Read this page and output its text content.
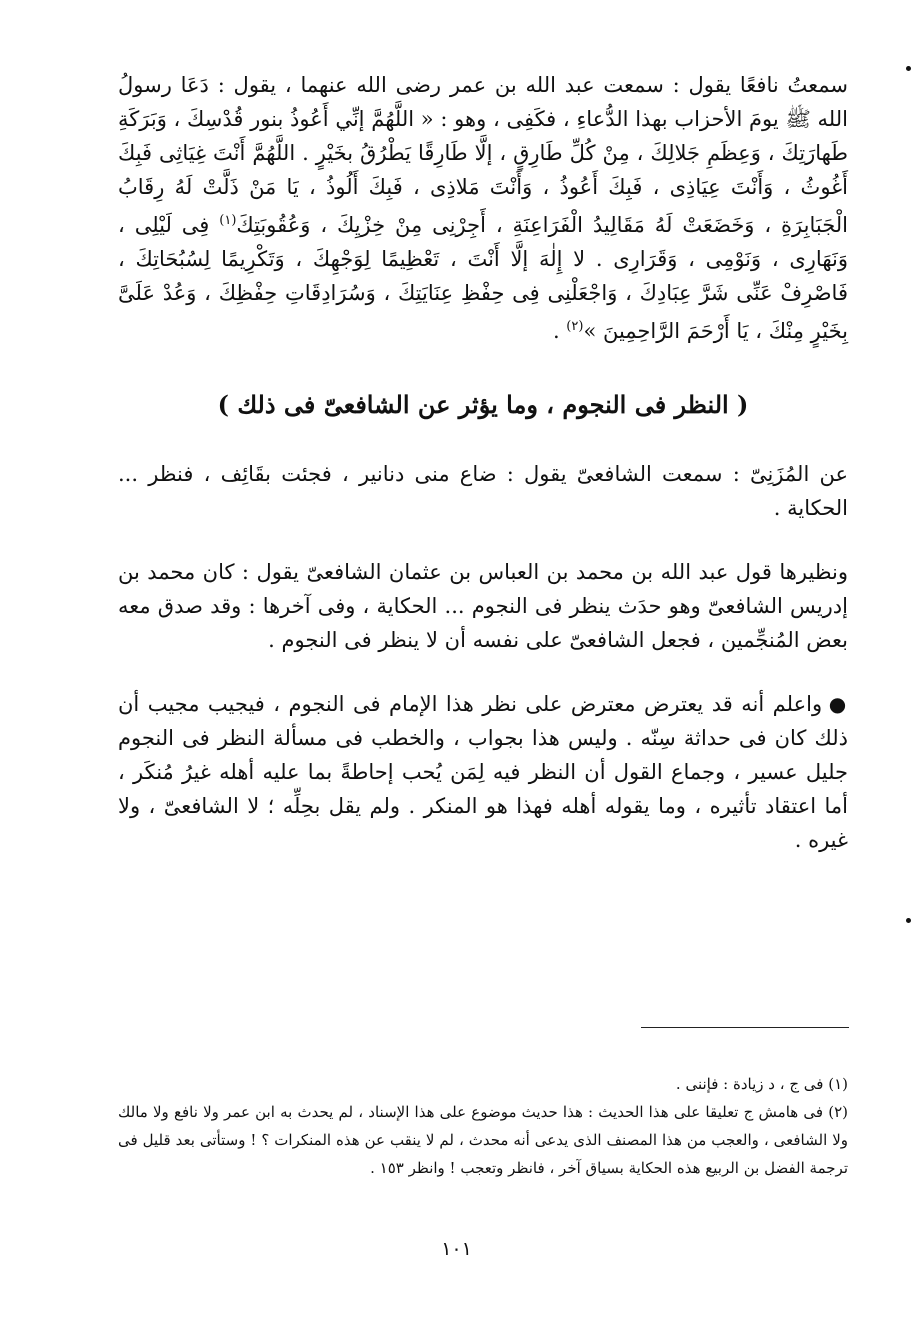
سمعتُ نافعًا يقول : سمعت عبد الله بن عمر رضى الله عنهما ، يقول : دَعَا رسولُ الله ﷺ يومَ الأحزاب بهذا الدُّعاءِ ، فكَفِى ، وهو : « اللَّهُمَّ إنِّي أَعُوذُ بنور قُدْسِكَ ، وَبَرَكَةِ طَهارَتِكَ ، وَعِظَمِ جَلالِكَ ، مِنْ كُلِّ طَارِقٍ ، إلَّا طَارِقًا يَطْرُقُ بخَيْرٍ . اللَّهُمَّ أَنْتَ غِيَاثِى فَبِكَ أَغُوثُ ، وَأَنْتَ عِيَاذِى ، فَبِكَ أَعُوذُ ، وَأَنْتَ مَلاذِى ، فَبِكَ أَلُوذُ ، يَا مَنْ ذَلَّتْ لَهُ رِقَابُ الْجَبَابِرَةِ ، وَخَضَعَتْ لَهُ مَقَالِيدُ الْفَرَاعِنَةِ ، أَجِرْنِى مِنْ خِزْيِكَ ، وَعُقُوبَتِكَ$^{(١)}$ فِى لَيْلِى ، وَنَهَارِى ، وَنَوْمِى ، وَقَرَارِى . لا إِلٰهَ إلَّا أَنْتَ ، تَعْظِيمًا لِوَجْهِكَ ، وَتَكْرِيمًا لِسُبُحَاتِكَ ، فَاصْرِفْ عَنِّى شَرَّ عِبَادِكَ ، وَاجْعَلْنِى فِى حِفْظِ عِنَايَتِكَ ، وَسُرَادِقَاتِ حِفْظِكَ ، وَعُدْ عَلَىَّ بِخَيْرٍ مِنْكَ ، يَا أَرْحَمَ الرَّاحِمِينَ »$^{(٢)}$ .

( النظر فى النجوم ، وما يؤثر عن الشافعىّ فى ذلك )

عن المُزَنِىّ : سمعت الشافعىّ يقول : ضاع منى دنانير ، فجئت بقَائِف ، فنظر ... الحكاية .

ونظيرها قول عبد الله بن محمد بن العباس بن عثمان الشافعىّ يقول : كان محمد بن إدريس الشافعىّ وهو حدَث ينظر فى النجوم ... الحكاية ، وفى آخرها : وقد صدق معه بعض المُنجِّمين ، فجعل الشافعىّ على نفسه أن لا ينظر فى النجوم .

● واعلم أنه قد يعترض معترض على نظر هذا الإمام فى النجوم ، فيجيب مجيب أن ذلك كان فى حداثة سِنّه . وليس هذا بجواب ، والخطب فى مسألة النظر فى النجوم جليل عسير ، وجماع القول أن النظر فيه لِمَن يُحب إحاطةً بما عليه أهله غيرُ مُنكَر ، أما اعتقاد تأثيره ، وما يقوله أهله فهذا هو المنكر . ولم يقل بحِلِّه ؛ لا الشافعىّ ، ولا غيره .

(١) فى ج ، د زيادة : فإننى .

(٢) فى هامش ج تعليقا على هذا الحديث : هذا حديث موضوع على هذا الإسناد ، لم يحدث به ابن عمر ولا نافع ولا مالك ولا الشافعى ، والعجب من هذا المصنف الذى يدعى أنه محدث ، لم لا ينقب عن هذه المنكرات ؟ ! وستأتى بعد قليل فى ترجمة الفضل بن الربيع هذه الحكاية بسياق آخر ، فانظر وتعجب ! وانظر ١٥٣ .

١٠١
